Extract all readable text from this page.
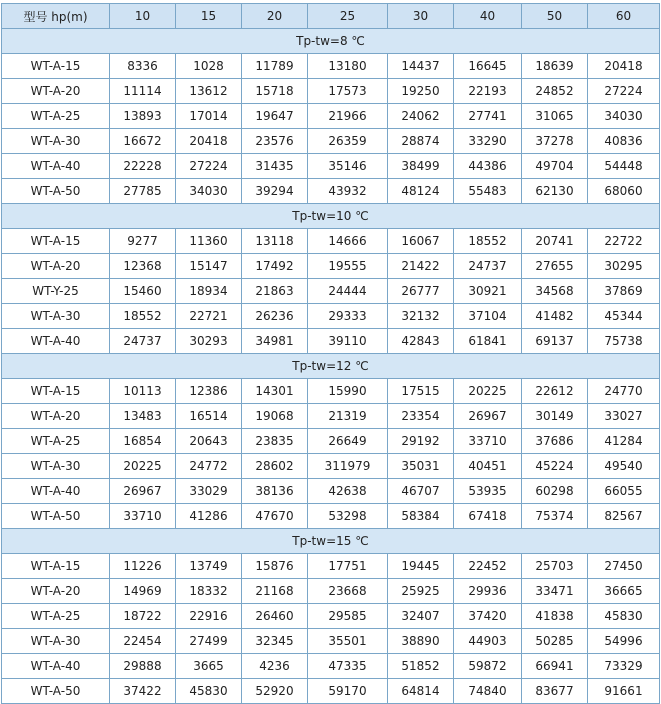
型号 hp(m)	10	15	20	25	30	40	50	60
Tp-tw=8 ℃								
WT-A-15	8336	1028	11789	13180	14437	16645	18639	20418
WT-A-20	11114	13612	15718	17573	19250	22193	24852	27224
WT-A-25	13893	17014	19647	21966	24062	27741	31065	34030
WT-A-30	16672	20418	23576	26359	28874	33290	37278	40836
WT-A-40	22228	27224	31435	35146	38499	44386	49704	54448
WT-A-50	27785	34030	39294	43932	48124	55483	62130	68060
Tp-tw=10 ℃								
WT-A-15	9277	11360	13118	14666	16067	18552	20741	22722
WT-A-20	12368	15147	17492	19555	21422	24737	27655	30295
WT-Y-25	15460	18934	21863	24444	26777	30921	34568	37869
WT-A-30	18552	22721	26236	29333	32132	37104	41482	45344
WT-A-40	24737	30293	34981	39110	42843	61841	69137	75738
Tp-tw=12 ℃								
WT-A-15	10113	12386	14301	15990	17515	20225	22612	24770
WT-A-20	13483	16514	19068	21319	23354	26967	30149	33027
WT-A-25	16854	20643	23835	26649	29192	33710	37686	41284
WT-A-30	20225	24772	28602	311979	35031	40451	45224	49540
WT-A-40	26967	33029	38136	42638	46707	53935	60298	66055
WT-A-50	33710	41286	47670	53298	58384	67418	75374	82567
Tp-tw=15 ℃								
WT-A-15	11226	13749	15876	17751	19445	22452	25703	27450
WT-A-20	14969	18332	21168	23668	25925	29936	33471	36665
WT-A-25	18722	22916	26460	29585	32407	37420	41838	45830
WT-A-30	22454	27499	32345	35501	38890	44903	50285	54996
WT-A-40	29888	3665	4236	47335	51852	59872	66941	73329
WT-A-50	37422	45830	52920	59170	64814	74840	83677	91661
